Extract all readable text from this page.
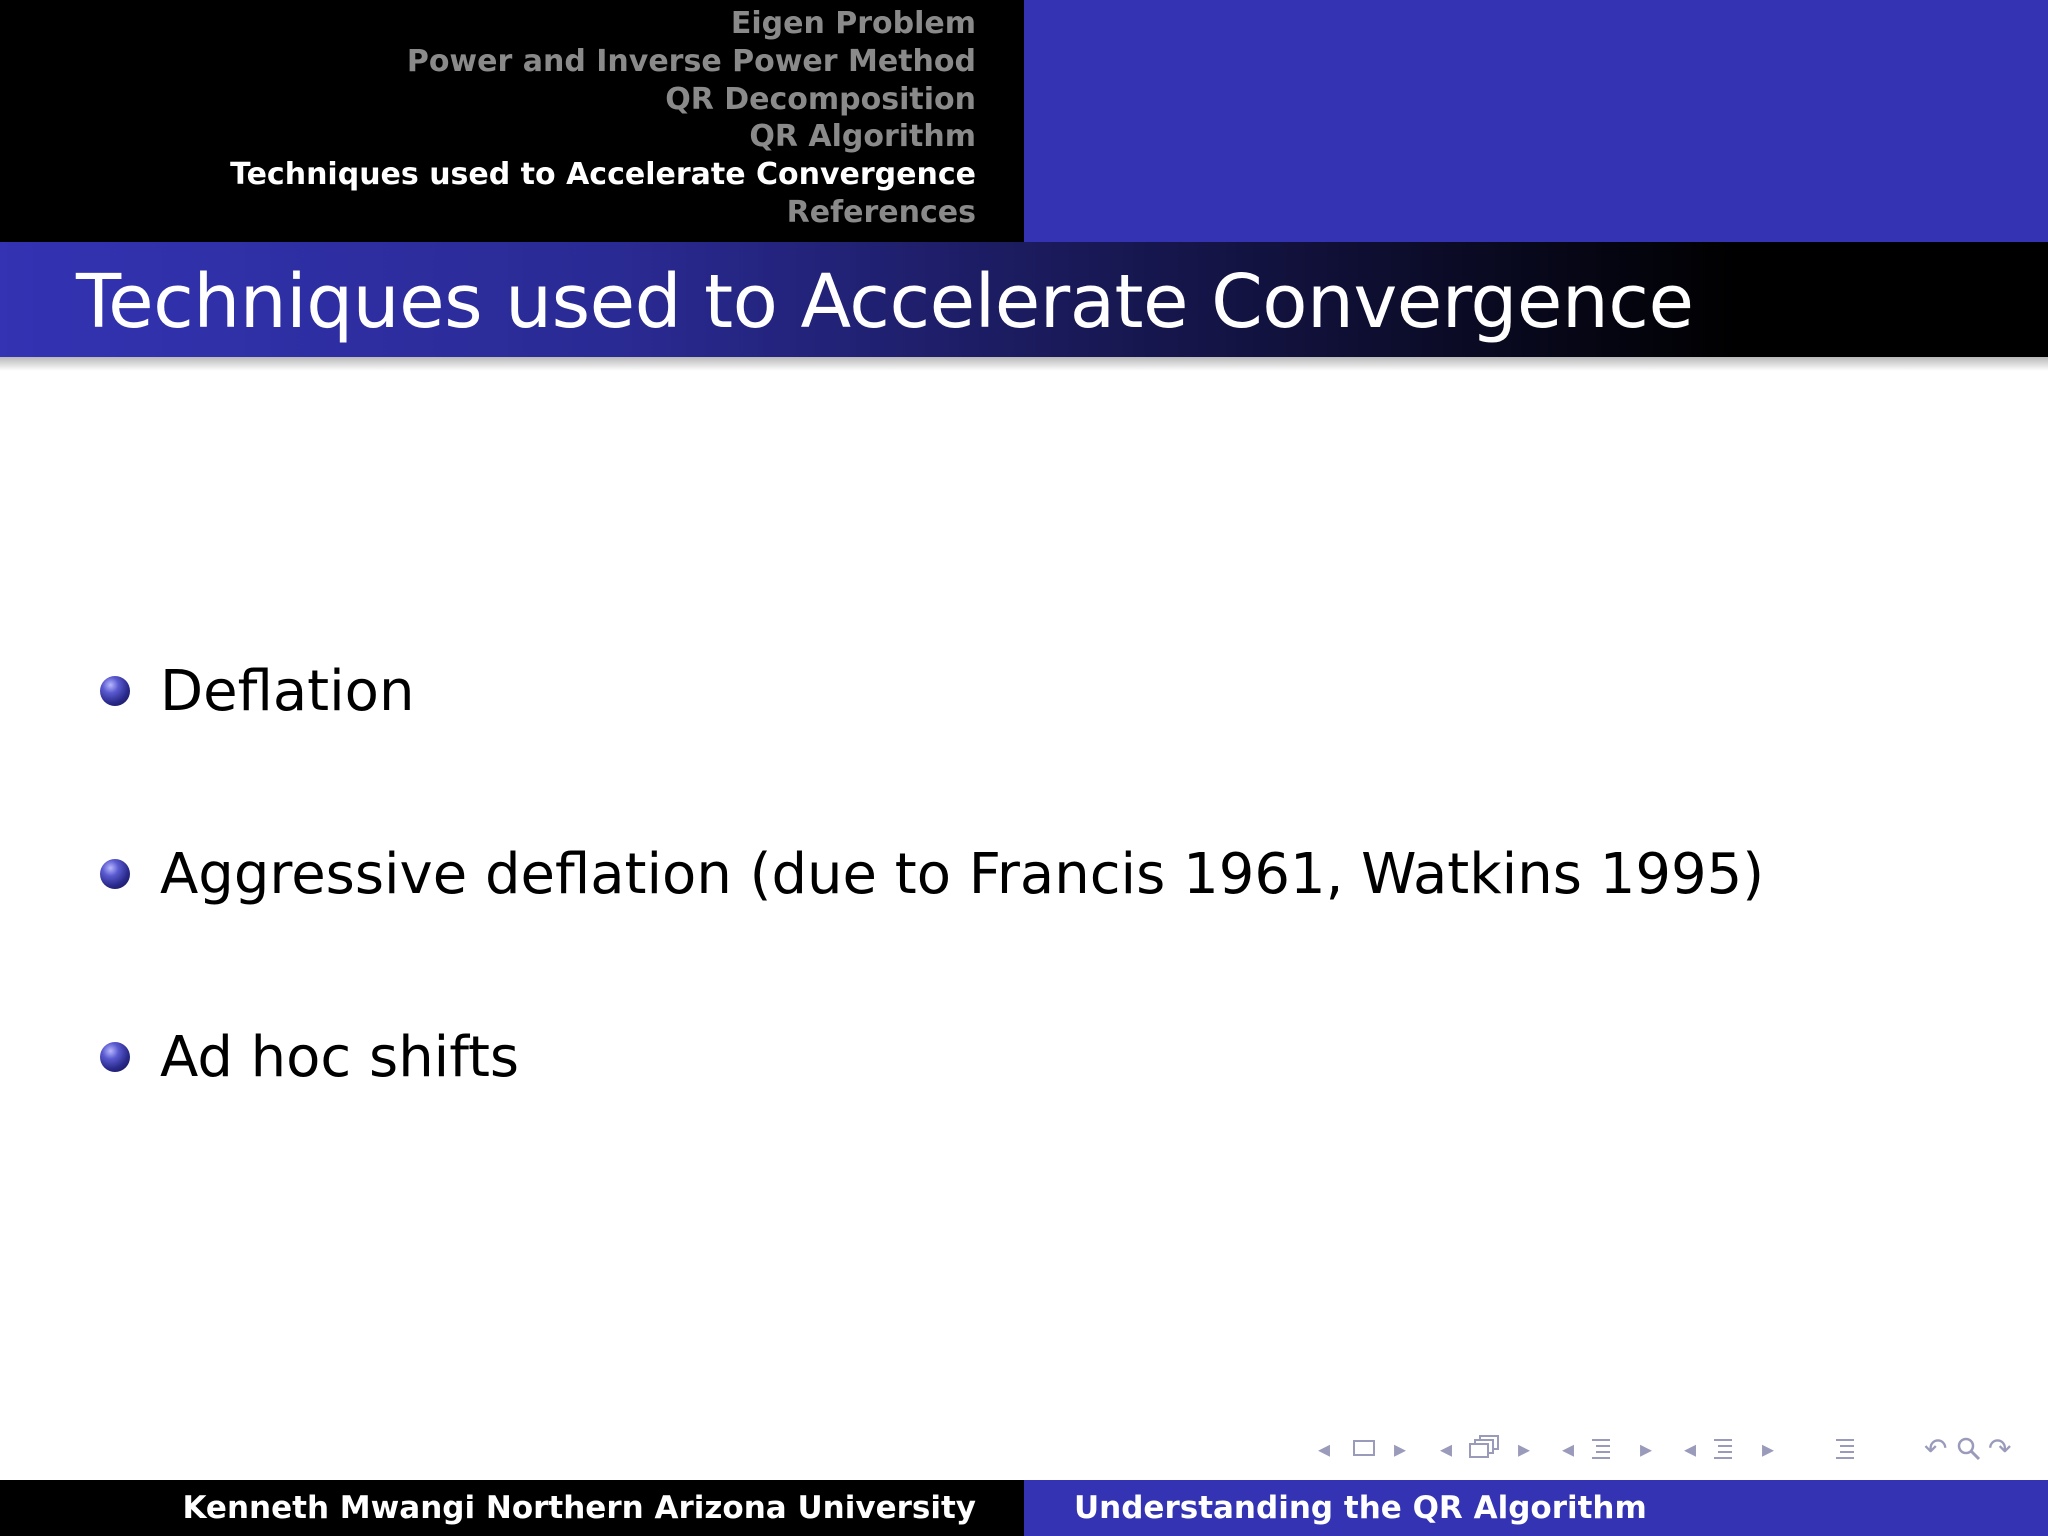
Eigen Problem
Power and Inverse Power Method
QR Decomposition
QR Algorithm
Techniques used to Accelerate Convergence
References
Techniques used to Accelerate Convergence
Deflation
Aggressive deflation (due to Francis 1961, Watkins 1995)
Ad hoc shifts
◂	▸ ◂	▸ ◂	▸ ◂	▸	↶ ↷
Kenneth Mwangi Northern Arizona University	Understanding the QR Algorithm
